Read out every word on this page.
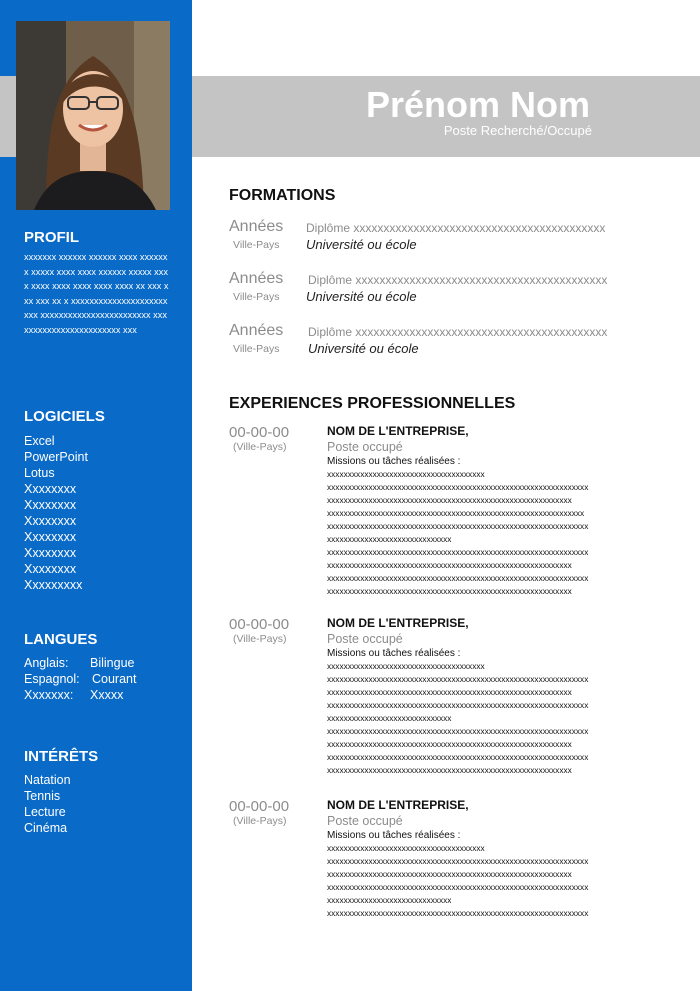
Prénom Nom
Poste Recherché/Occupé
PROFIL
xxxxxxx xxxxxx xxxxxx xxxx xxxxxxx xxxxx xxxx xxxx xxxxxx xxxxx xxxx xxxx xxxx xxxx xxxx xxxx xx xxx xxx xxx xx x xxxxxxxxxxxxxxxxxxxxxxxx xxxxxxxxxxxxxxxxxxxxxxxx xxxxxxxxxxxxxxxxxxxxxxxx xxx
LOGICIELS
Excel
PowerPoint
Lotus
Xxxxxxxx
Xxxxxxxx
Xxxxxxxx
Xxxxxxxx
Xxxxxxxx
Xxxxxxxx
Xxxxxxxxx
LANGUES
Anglais: Bilingue
Espagnol: Courant
Xxxxxxx: Xxxxx
INTÉRÊTS
Natation
Tennis
Lecture
Cinéma
FORMATIONS
Années
Ville-Pays
Diplôme xxxxxxxxxxxxxxxxxxxxxxxxxxxxxxxxxxxxxxxxxx
Université ou école
Années
Ville-Pays
Diplôme xxxxxxxxxxxxxxxxxxxxxxxxxxxxxxxxxxxxxxxxxx
Université ou école
Années
Ville-Pays
Diplôme xxxxxxxxxxxxxxxxxxxxxxxxxxxxxxxxxxxxxxxxxx
Université ou école
EXPERIENCES PROFESSIONNELLES
00-00-00
(Ville-Pays)
NOM DE L'ENTREPRISE,
Poste occupé
Missions ou tâches réalisées :
xxxxxxxxxxxxxxxxxxxxxxxxxxxxxxxxxxxxxx
xxxxxxxxxxxxxxxxxxxxxxxxxxxxxxxxxxxxxxxxxxxxxxxxxxxxxxxxxxxxxxx
xxxxxxxxxxxxxxxxxxxxxxxxxxxxxxxxxxxxxxxxxxxxxxxxxxxxxxxxxxx
xxxxxxxxxxxxxxxxxxxxxxxxxxxxxxxxxxxxxxxxxxxxxxxxxxxxxxxxxxxxxx
xxxxxxxxxxxxxxxxxxxxxxxxxxxxxxxxxxxxxxxxxxxxxxxxxxxxxxxxxxxxxxx
xxxxxxxxxxxxxxxxxxxxxxxxxxxxxx
xxxxxxxxxxxxxxxxxxxxxxxxxxxxxxxxxxxxxxxxxxxxxxxxxxxxxxxxxxxxxxx
xxxxxxxxxxxxxxxxxxxxxxxxxxxxxxxxxxxxxxxxxxxxxxxxxxxxxxxxxxx
xxxxxxxxxxxxxxxxxxxxxxxxxxxxxxxxxxxxxxxxxxxxxxxxxxxxxxxxxxxxxxx
xxxxxxxxxxxxxxxxxxxxxxxxxxxxxxxxxxxxxxxxxxxxxxxxxxxxxxxxxxx
00-00-00
(Ville-Pays)
NOM DE L'ENTREPRISE,
Poste occupé
Missions ou tâches réalisées :
xxxxxxxxxxxxxxxxxxxxxxxxxxxxxxxxxxxxxx
xxxxxxxxxxxxxxxxxxxxxxxxxxxxxxxxxxxxxxxxxxxxxxxxxxxxxxxxxxxxxxx
xxxxxxxxxxxxxxxxxxxxxxxxxxxxxxxxxxxxxxxxxxxxxxxxxxxxxxxxxxx
xxxxxxxxxxxxxxxxxxxxxxxxxxxxxxxxxxxxxxxxxxxxxxxxxxxxxxxxxxxxxxx
xxxxxxxxxxxxxxxxxxxxxxxxxxxxxx
xxxxxxxxxxxxxxxxxxxxxxxxxxxxxxxxxxxxxxxxxxxxxxxxxxxxxxxxxxxxxxx
xxxxxxxxxxxxxxxxxxxxxxxxxxxxxxxxxxxxxxxxxxxxxxxxxxxxxxxxxxx
xxxxxxxxxxxxxxxxxxxxxxxxxxxxxxxxxxxxxxxxxxxxxxxxxxxxxxxxxxxxxxx
xxxxxxxxxxxxxxxxxxxxxxxxxxxxxxxxxxxxxxxxxxxxxxxxxxxxxxxxxxx
00-00-00
(Ville-Pays)
NOM DE L'ENTREPRISE,
Poste occupé
Missions ou tâches réalisées :
xxxxxxxxxxxxxxxxxxxxxxxxxxxxxxxxxxxxxx
xxxxxxxxxxxxxxxxxxxxxxxxxxxxxxxxxxxxxxxxxxxxxxxxxxxxxxxxxxxxxxx
xxxxxxxxxxxxxxxxxxxxxxxxxxxxxxxxxxxxxxxxxxxxxxxxxxxxxxxxxxx
xxxxxxxxxxxxxxxxxxxxxxxxxxxxxxxxxxxxxxxxxxxxxxxxxxxxxxxxxxxxxxx
xxxxxxxxxxxxxxxxxxxxxxxxxxxxxx
xxxxxxxxxxxxxxxxxxxxxxxxxxxxxxxxxxxxxxxxxxxxxxxxxxxxxxxxxxxxxxx
